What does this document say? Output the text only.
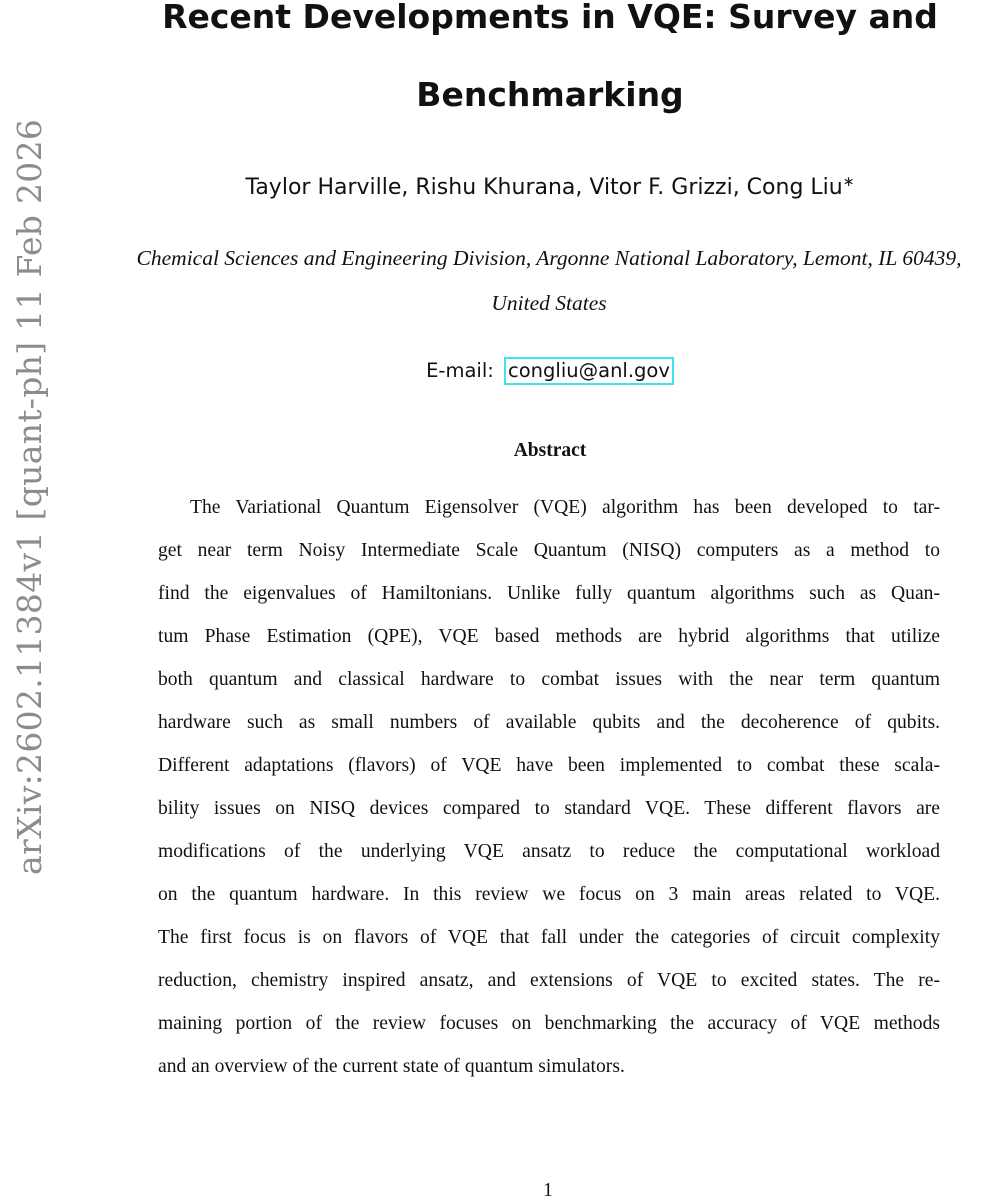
arXiv:2602.11384v1 [quant-ph] 11 Feb 2026
Recent Developments in VQE: Survey and
Benchmarking
Taylor Harville, Rishu Khurana, Vitor F. Grizzi, Cong Liu∗
Chemical Sciences and Engineering Division, Argonne National Laboratory, Lemont, IL 60439,
United States
E-mail: congliu@anl.gov
Abstract
The Variational Quantum Eigensolver (VQE) algorithm has been developed to tar-
get near term Noisy Intermediate Scale Quantum (NISQ) computers as a method to
find the eigenvalues of Hamiltonians. Unlike fully quantum algorithms such as Quan-
tum Phase Estimation (QPE), VQE based methods are hybrid algorithms that utilize
both quantum and classical hardware to combat issues with the near term quantum
hardware such as small numbers of available qubits and the decoherence of qubits.
Different adaptations (flavors) of VQE have been implemented to combat these scala-
bility issues on NISQ devices compared to standard VQE. These different flavors are
modifications of the underlying VQE ansatz to reduce the computational workload
on the quantum hardware. In this review we focus on 3 main areas related to VQE.
The first focus is on flavors of VQE that fall under the categories of circuit complexity
reduction, chemistry inspired ansatz, and extensions of VQE to excited states. The re-
maining portion of the review focuses on benchmarking the accuracy of VQE methods
and an overview of the current state of quantum simulators.
1
